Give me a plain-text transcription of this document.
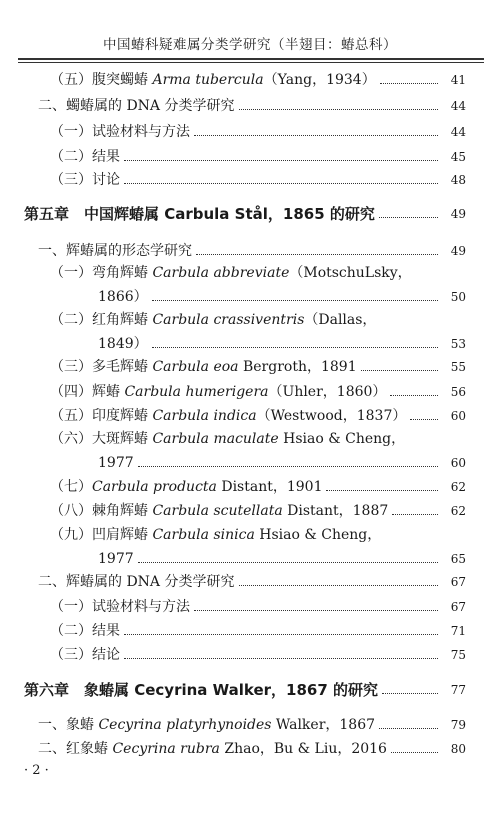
中国蝽科疑难属分类学研究（半翅目：蝽总科）
（五）腹突蠋蝽 Arma tubercula（Yang，1934）	41
二、蠋蝽属的 DNA 分类学研究	44
（一）试验材料与方法	44
（二）结果	45
（三）讨论	48
第五章　中国辉蝽属 Carbula Stål，1865 的研究	49
一、辉蝽属的形态学研究	49
（一）弯角辉蝽 Carbula abbreviate（MotschuLsky，
1866）	50
（二）红角辉蝽 Carbula crassiventris（Dallas，
1849）	53
（三）多毛辉蝽 Carbula eoa Bergroth，1891	55
（四）辉蝽 Carbula humerigera（Uhler，1860）	56
（五）印度辉蝽 Carbula indica（Westwood，1837）	60
（六）大斑辉蝽 Carbula maculate Hsiao & Cheng，
1977	60
（七）Carbula producta Distant，1901	62
（八）棘角辉蝽 Carbula scutellata Distant，1887	62
（九）凹肩辉蝽 Carbula sinica Hsiao & Cheng，
1977	65
二、辉蝽属的 DNA 分类学研究	67
（一）试验材料与方法	67
（二）结果	71
（三）结论	75
第六章　象蝽属 Cecyrina Walker，1867 的研究	77
一、象蝽 Cecyrina platyrhynoides Walker，1867	79
二、红象蝽 Cecyrina rubra Zhao，Bu & Liu，2016	80
· 2 ·
